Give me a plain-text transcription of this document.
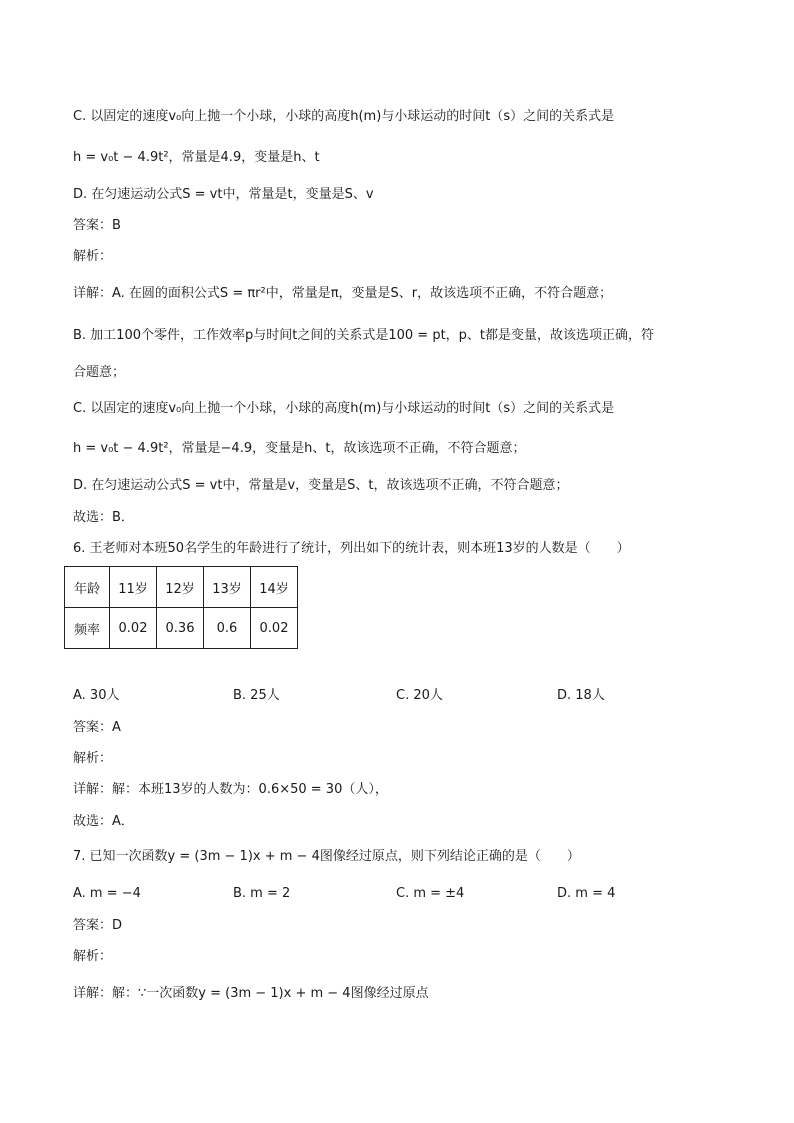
C. 以固定的速度v₀向上抛一个小球，小球的高度h(m)与小球运动的时间t（s）之间的关系式是
h = v₀t − 4.9t²，常量是4.9，变量是h、t
D. 在匀速运动公式S = vt中，常量是t，变量是S、v
答案：B
解析：
详解：A. 在圆的面积公式S = πr²中，常量是π，变量是S、r，故该选项不正确，不符合题意；
B. 加工100个零件，工作效率p与时间t之间的关系式是100 = pt，p、t都是变量，故该选项正确，符
合题意；
C. 以固定的速度v₀向上抛一个小球，小球的高度h(m)与小球运动的时间t（s）之间的关系式是
h = v₀t − 4.9t²，常量是−4.9，变量是h、t，故该选项不正确，不符合题意；
D. 在匀速运动公式S = vt中，常量是v，变量是S、t，故该选项不正确，不符合题意；
故选：B．
6. 王老师对本班50名学生的年龄进行了统计，列出如下的统计表，则本班13岁的人数是（　　）
年龄	11岁	12岁	13岁	14岁
频率	0.02	0.36	0.6	0.02
A. 30人	B. 25人	C. 20人	D. 18人
答案：A
解析：
详解：解：本班13岁的人数为：0.6×50 = 30（人），
故选：A．
7. 已知一次函数y = (3m − 1)x + m − 4图像经过原点，则下列结论正确的是（　　）
A. m = −4	B. m = 2	C. m = ±4	D. m = 4
答案：D
解析：
详解：解：∵一次函数y = (3m − 1)x + m − 4图像经过原点
